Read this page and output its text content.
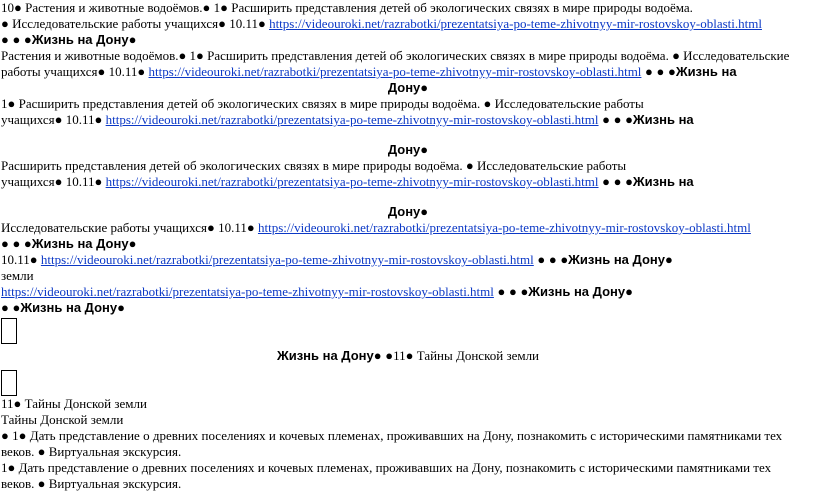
10● Растения и животные водоёмов.● 1● Расширить представления детей об экологических связях в мире природы водоёма.
● Исследовательские работы учащихся● 10.11● https://videouroki.net/razrabotki/prezentatsiya-po-teme-zhivotnyy-mir-rostovskoy-oblasti.html
● ● ●Жизнь на Дону●
Растения и животные водоёмов.● 1● Расширить представления детей об экологических связях в мире природы водоёма. ● Исследовательские
работы учащихся● 10.11● https://videouroki.net/razrabotki/prezentatsiya-po-teme-zhivotnyy-mir-rostovskoy-oblasti.html ● ● ●Жизнь на
Дону●
1● Расширить представления детей об экологических связях в мире природы водоёма. ● Исследовательские работы
учащихся● 10.11● https://videouroki.net/razrabotki/prezentatsiya-po-teme-zhivotnyy-mir-rostovskoy-oblasti.html ● ● ●Жизнь на
Дону●
Расширить представления детей об экологических связях в мире природы водоёма. ● Исследовательские работы
учащихся● 10.11● https://videouroki.net/razrabotki/prezentatsiya-po-teme-zhivotnyy-mir-rostovskoy-oblasti.html ● ● ●Жизнь на
Дону●
Исследовательские работы учащихся● 10.11● https://videouroki.net/razrabotki/prezentatsiya-po-teme-zhivotnyy-mir-rostovskoy-oblasti.html
● ● ●Жизнь на Дону●
10.11● https://videouroki.net/razrabotki/prezentatsiya-po-teme-zhivotnyy-mir-rostovskoy-oblasti.html ● ● ●Жизнь на Дону●
земли
https://videouroki.net/razrabotki/prezentatsiya-po-teme-zhivotnyy-mir-rostovskoy-oblasti.html ● ● ●Жизнь на Дону●
● ●Жизнь на Дону●
Жизнь на Дону● ●11● Тайны Донской земли
11● Тайны Донской земли
Тайны Донской земли
● 1● Дать представление о древних поселениях и кочевых племенах, проживавших на Дону, познакомить с историческими памятниками тех
веков. ● Виртуальная экскурсия.
1● Дать представление о древних поселениях и кочевых племенах, проживавших на Дону, познакомить с историческими памятниками тех
веков. ● Виртуальная экскурсия.
